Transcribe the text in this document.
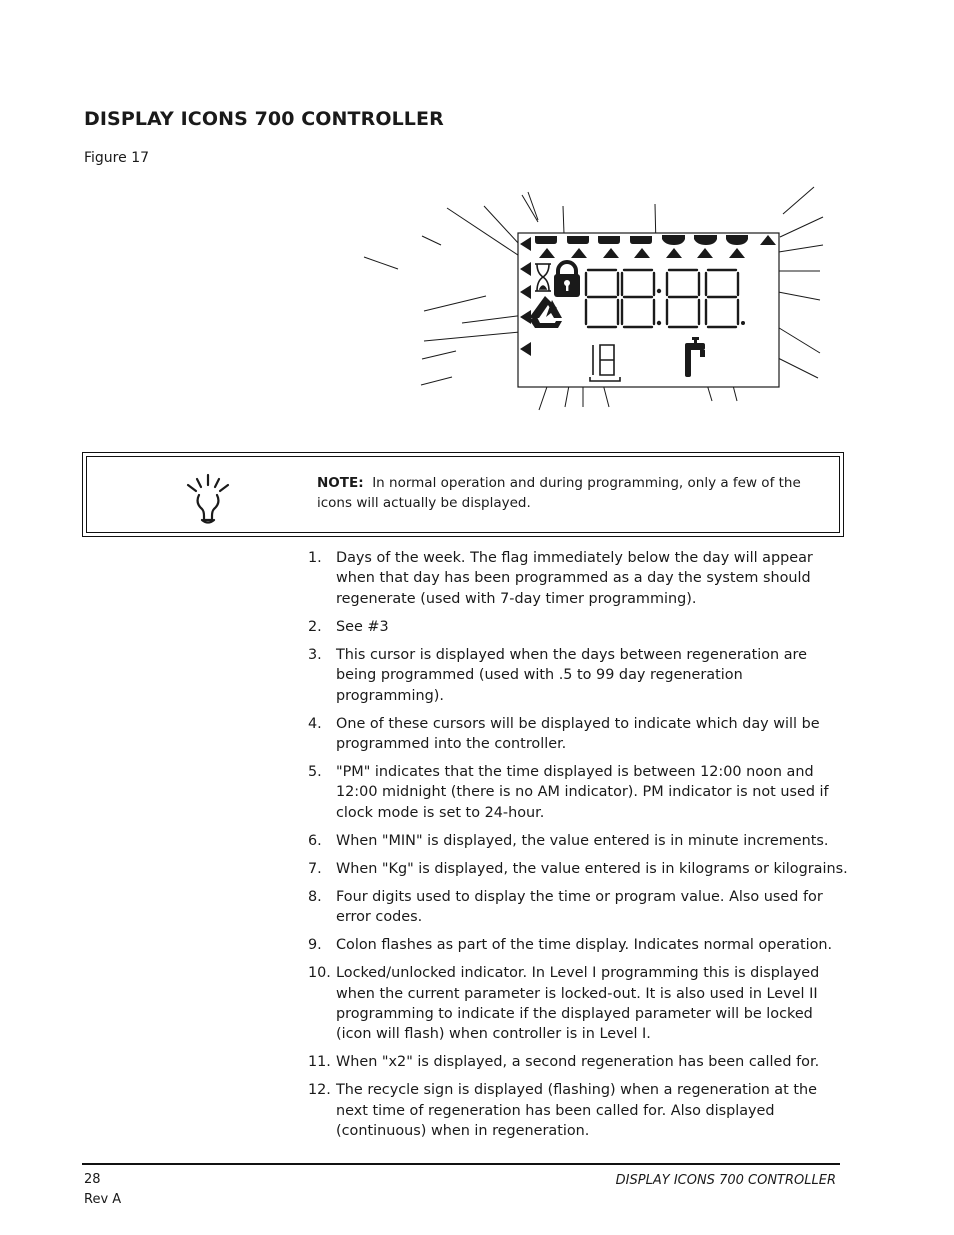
DISPLAY ICONS 700 CONTROLLER
Figure 17
NOTE: In normal operation and during programming, only a few of the icons will actually be displayed.
1. Days of the week. The flag immediately below the day will appear when that day has been programmed as a day the system should regenerate (used with 7-day timer programming).
2. See #3
3. This cursor is displayed when the days between regeneration are being programmed (used with .5 to 99 day regeneration programming).
4. One of these cursors will be displayed to indicate which day will be programmed into the controller.
5. "PM" indicates that the time displayed is between 12:00 noon and 12:00 midnight (there is no AM indicator). PM indicator is not used if clock mode is set to 24-hour.
6. When "MIN" is displayed, the value entered is in minute increments.
7. When "Kg" is displayed, the value entered is in kilograms or kilograins.
8. Four digits used to display the time or program value. Also used for error codes.
9. Colon flashes as part of the time display. Indicates normal operation.
10. Locked/unlocked indicator. In Level I programming this is displayed when the current parameter is locked-out. It is also used in Level II programming to indicate if the displayed parameter will be locked (icon will flash) when controller is in Level I.
11. When "x2" is displayed, a second regeneration has been called for.
12. The recycle sign is displayed (flashing) when a regeneration at the next time of regeneration has been called for. Also displayed (continuous) when in regeneration.
28
Rev A
DISPLAY ICONS 700 CONTROLLER
